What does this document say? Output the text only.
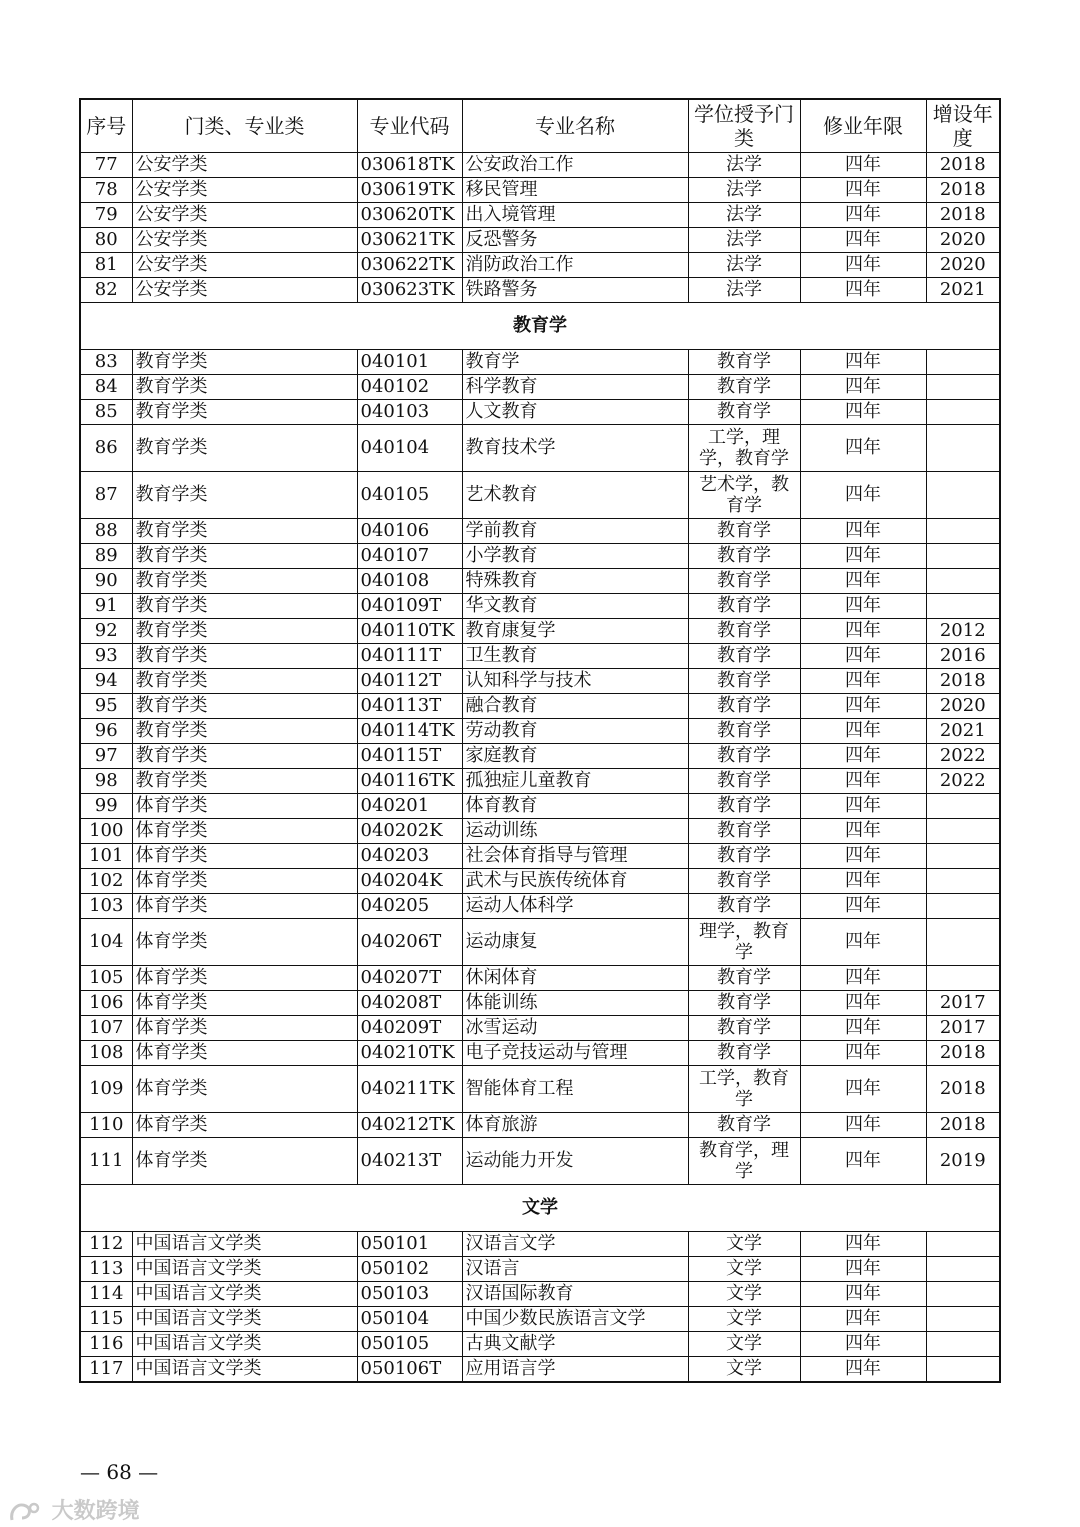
序号	门类、专业类	专业代码	专业名称	学位授予门类	修业年限	增设年度
77	公安学类	030618TK	公安政治工作	法学	四年	2018
78	公安学类	030619TK	移民管理	法学	四年	2018
79	公安学类	030620TK	出入境管理	法学	四年	2018
80	公安学类	030621TK	反恐警务	法学	四年	2020
81	公安学类	030622TK	消防政治工作	法学	四年	2020
82	公安学类	030623TK	铁路警务	法学	四年	2021
教育学						
83	教育学类	040101	教育学	教育学	四年	
84	教育学类	040102	科学教育	教育学	四年	
85	教育学类	040103	人文教育	教育学	四年	
86	教育学类	040104	教育技术学	工学，理学，教育学	四年	
87	教育学类	040105	艺术教育	艺术学，教育学	四年	
88	教育学类	040106	学前教育	教育学	四年	
89	教育学类	040107	小学教育	教育学	四年	
90	教育学类	040108	特殊教育	教育学	四年	
91	教育学类	040109T	华文教育	教育学	四年	
92	教育学类	040110TK	教育康复学	教育学	四年	2012
93	教育学类	040111T	卫生教育	教育学	四年	2016
94	教育学类	040112T	认知科学与技术	教育学	四年	2018
95	教育学类	040113T	融合教育	教育学	四年	2020
96	教育学类	040114TK	劳动教育	教育学	四年	2021
97	教育学类	040115T	家庭教育	教育学	四年	2022
98	教育学类	040116TK	孤独症儿童教育	教育学	四年	2022
99	体育学类	040201	体育教育	教育学	四年	
100	体育学类	040202K	运动训练	教育学	四年	
101	体育学类	040203	社会体育指导与管理	教育学	四年	
102	体育学类	040204K	武术与民族传统体育	教育学	四年	
103	体育学类	040205	运动人体科学	教育学	四年	
104	体育学类	040206T	运动康复	理学，教育学	四年	
105	体育学类	040207T	休闲体育	教育学	四年	
106	体育学类	040208T	体能训练	教育学	四年	2017
107	体育学类	040209T	冰雪运动	教育学	四年	2017
108	体育学类	040210TK	电子竞技运动与管理	教育学	四年	2018
109	体育学类	040211TK	智能体育工程	工学，教育学	四年	2018
110	体育学类	040212TK	体育旅游	教育学	四年	2018
111	体育学类	040213T	运动能力开发	教育学，理学	四年	2019
文学						
112	中国语言文学类	050101	汉语言文学	文学	四年	
113	中国语言文学类	050102	汉语言	文学	四年	
114	中国语言文学类	050103	汉语国际教育	文学	四年	
115	中国语言文学类	050104	中国少数民族语言文学	文学	四年	
116	中国语言文学类	050105	古典文献学	文学	四年	
117	中国语言文学类	050106T	应用语言学	文学	四年	
— 68 —
大数跨境
